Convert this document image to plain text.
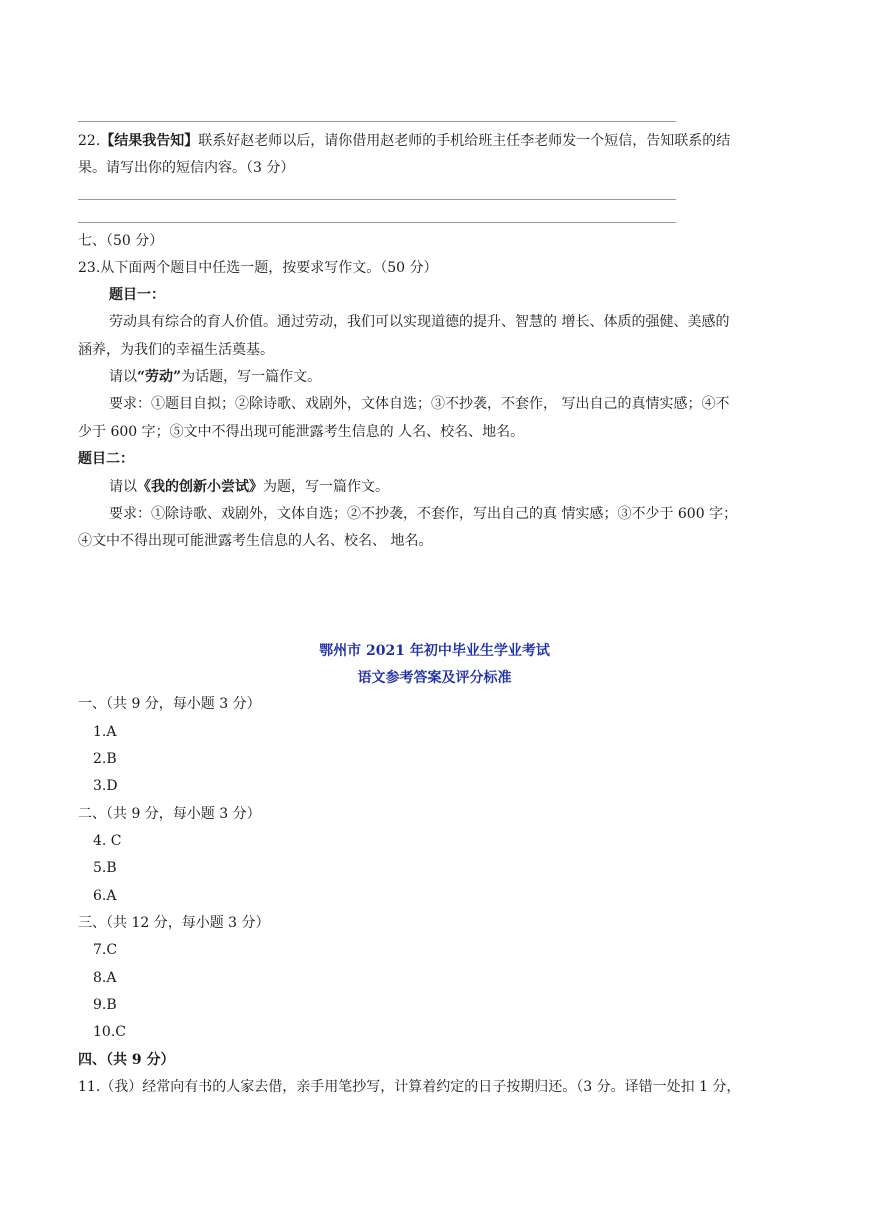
22.【结果我告知】联系好赵老师以后，请你借用赵老师的手机给班主任李老师发一个短信，告知联系的结
果。请写出你的短信内容。（3 分）
七、（50 分）
23.从下面两个题目中任选一题，按要求写作文。（50 分）
题目一：
劳动具有综合的育人价值。通过劳动，我们可以实现道德的提升、智慧的 增长、体质的强健、美感的
涵养，为我们的幸福生活奠基。
请以“劳动”为话题，写一篇作文。
要求：①题目自拟；②除诗歌、戏剧外，文体自选；③不抄袭，不套作， 写出自己的真情实感；④不
少于 600 字；⑤文中不得出现可能泄露考生信息的 人名、校名、地名。
题目二：
请以《我的创新小尝试》为题，写一篇作文。
要求：①除诗歌、戏剧外，文体自选；②不抄袭，不套作，写出自己的真 情实感；③不少于 600 字；
④文中不得出现可能泄露考生信息的人名、校名、 地名。
鄂州市 2021 年初中毕业生学业考试
语文参考答案及评分标准
一、（共 9 分，每小题 3 分）
1.A
2.B
3.D
二、（共 9 分，每小题 3 分）
4. C
5.B
6.A
三、（共 12 分，每小题 3 分）
7.C
8.A
9.B
10.C
四、（共 9 分）
11.（我）经常向有书的人家去借，亲手用笔抄写，计算着约定的日子按期归还。（3 分。译错一处扣 1 分，
